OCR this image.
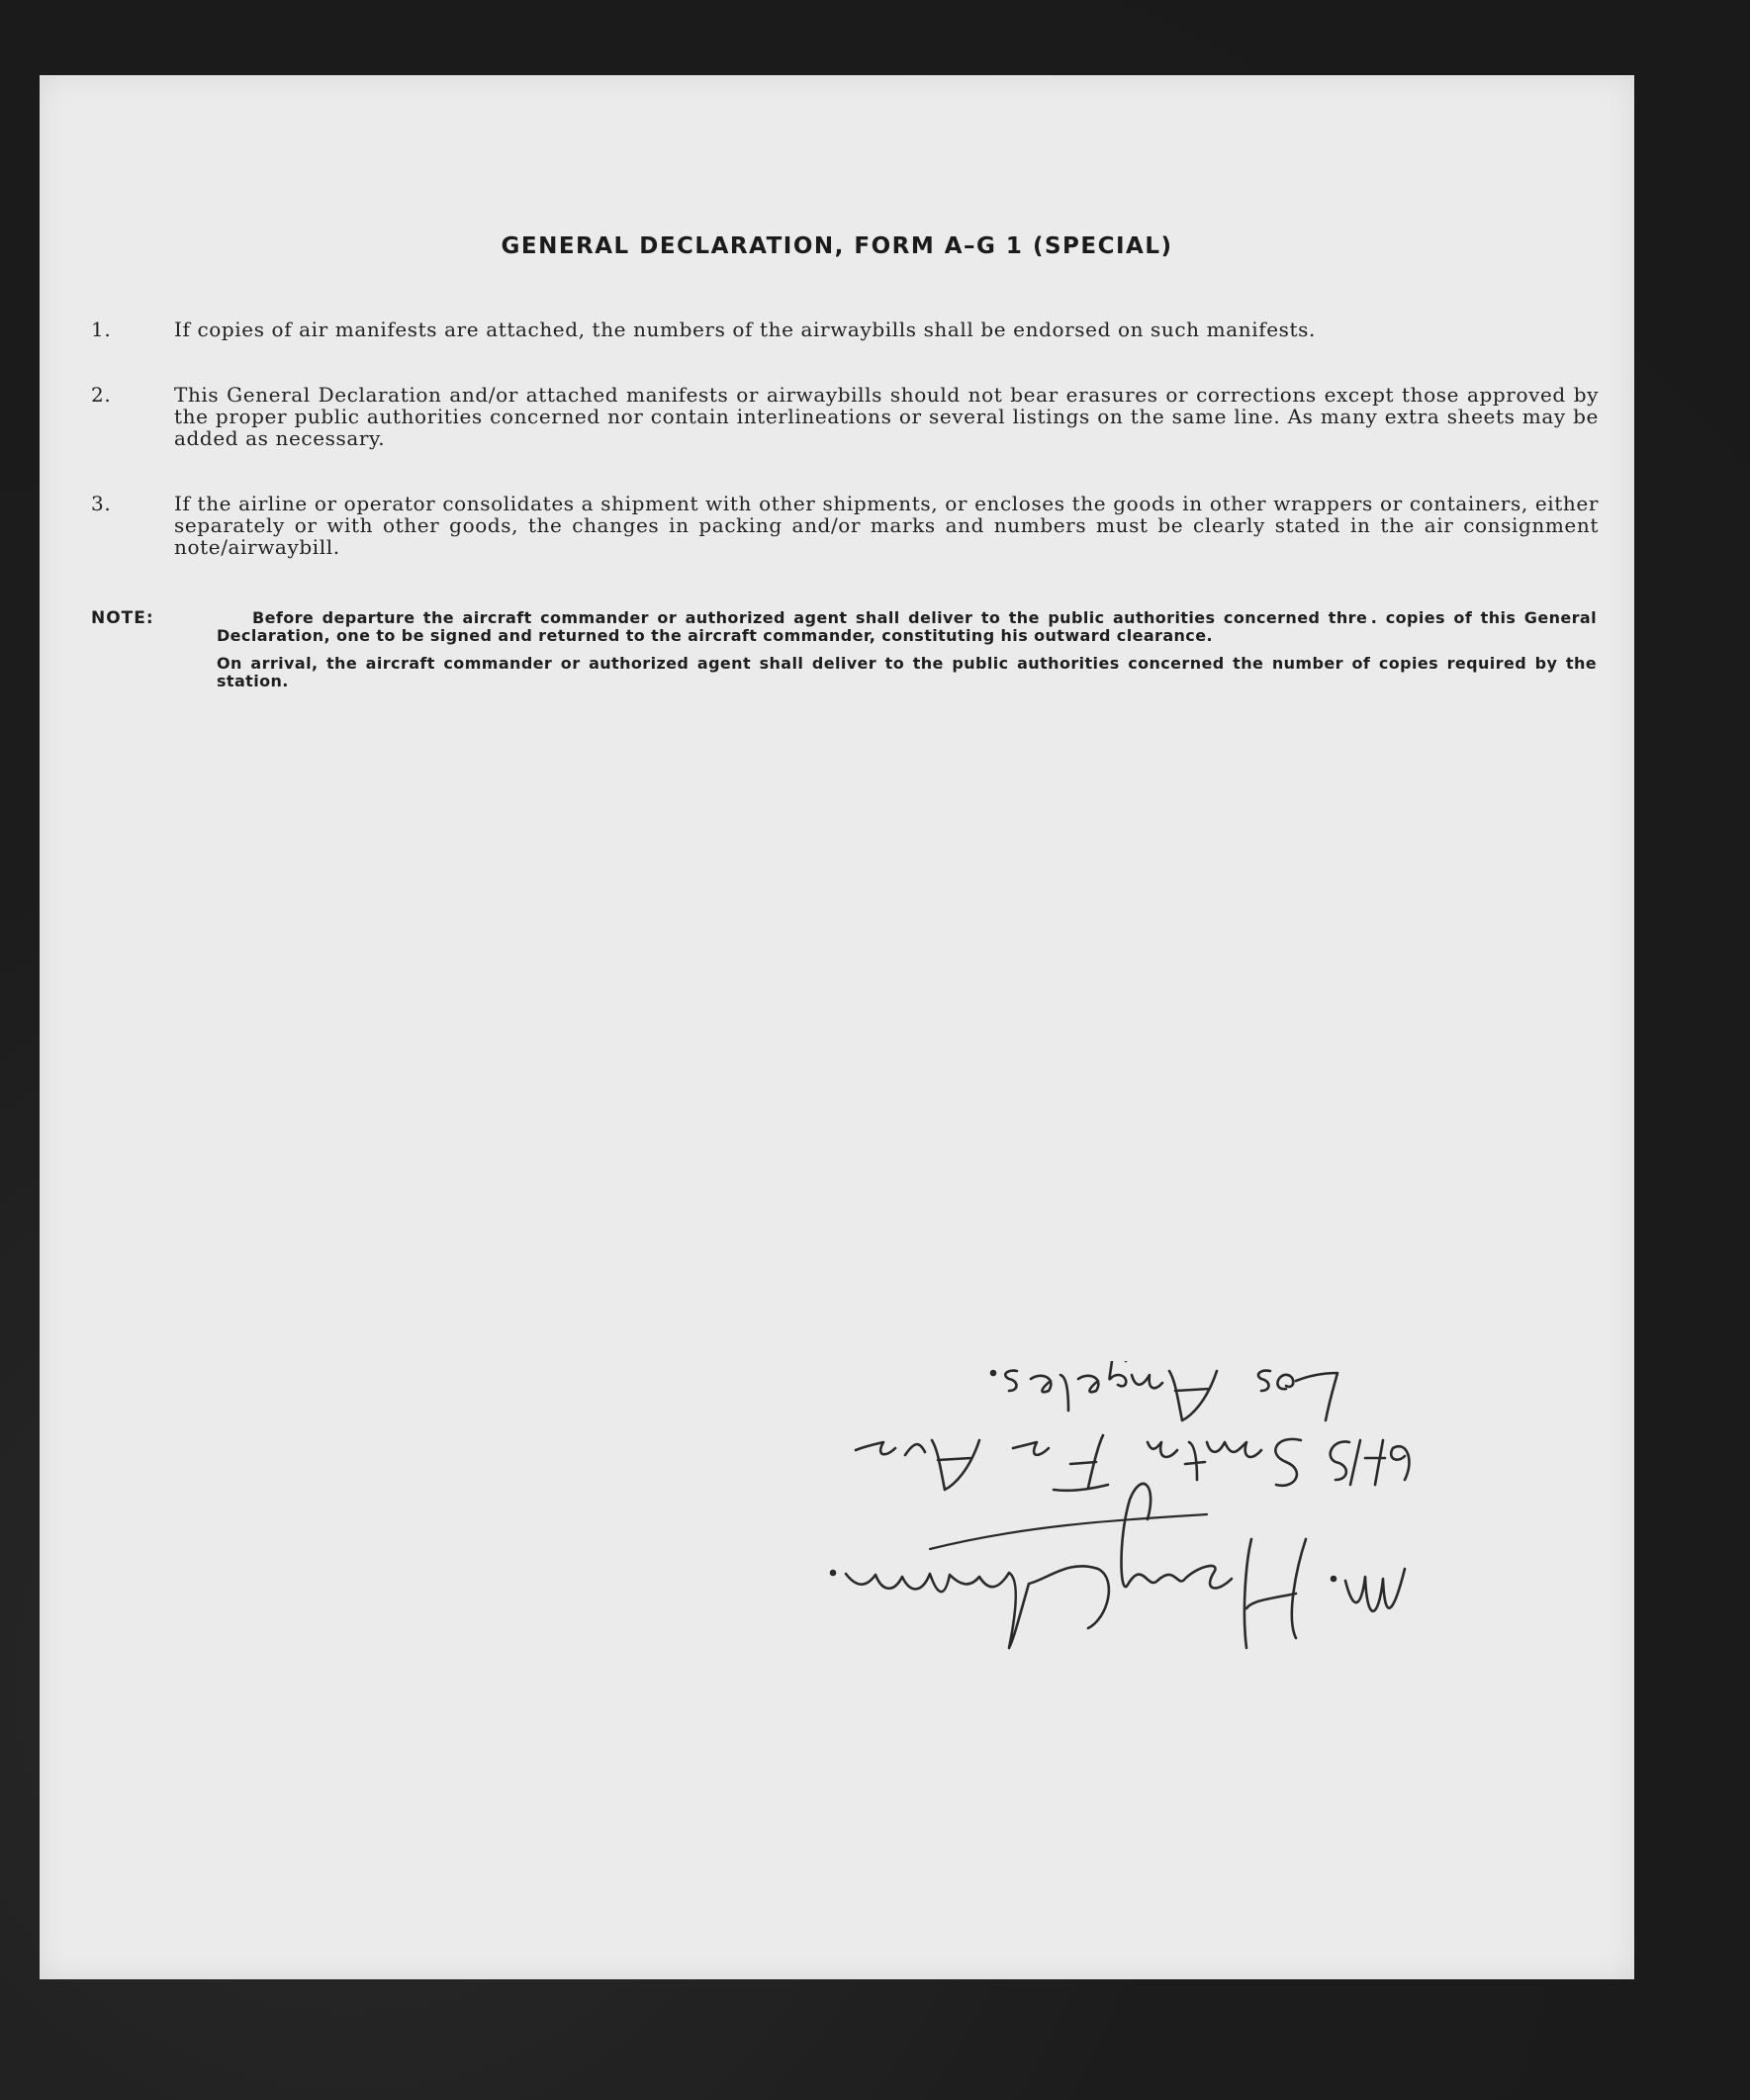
GENERAL DECLARATION, FORM A–G 1 (SPECIAL)
1.	If copies of air manifests are attached, the numbers of the airwaybills shall be endorsed on such manifests.
2.	This General Declaration and/or attached manifests or airwaybills should not bear erasures or corrections except those approved by the proper public authorities concerned nor contain interlineations or several listings on the same line. As many extra sheets may be added as necessary.
3.	If the airline or operator consolidates a shipment with other shipments, or encloses the goods in other wrappers or containers, either separately or with other goods, the changes in packing and/or marks and numbers must be clearly stated in the air consignment note/airwaybill.
NOTE:	Before departure the aircraft commander or authorized agent shall deliver to the public authorities concerned thre . copies of this General Declaration, one to be signed and returned to the aircraft commander, constituting his outward clearance.
On arrival, the aircraft commander or authorized agent shall deliver to the public authorities concerned the number of copies required by the station.
